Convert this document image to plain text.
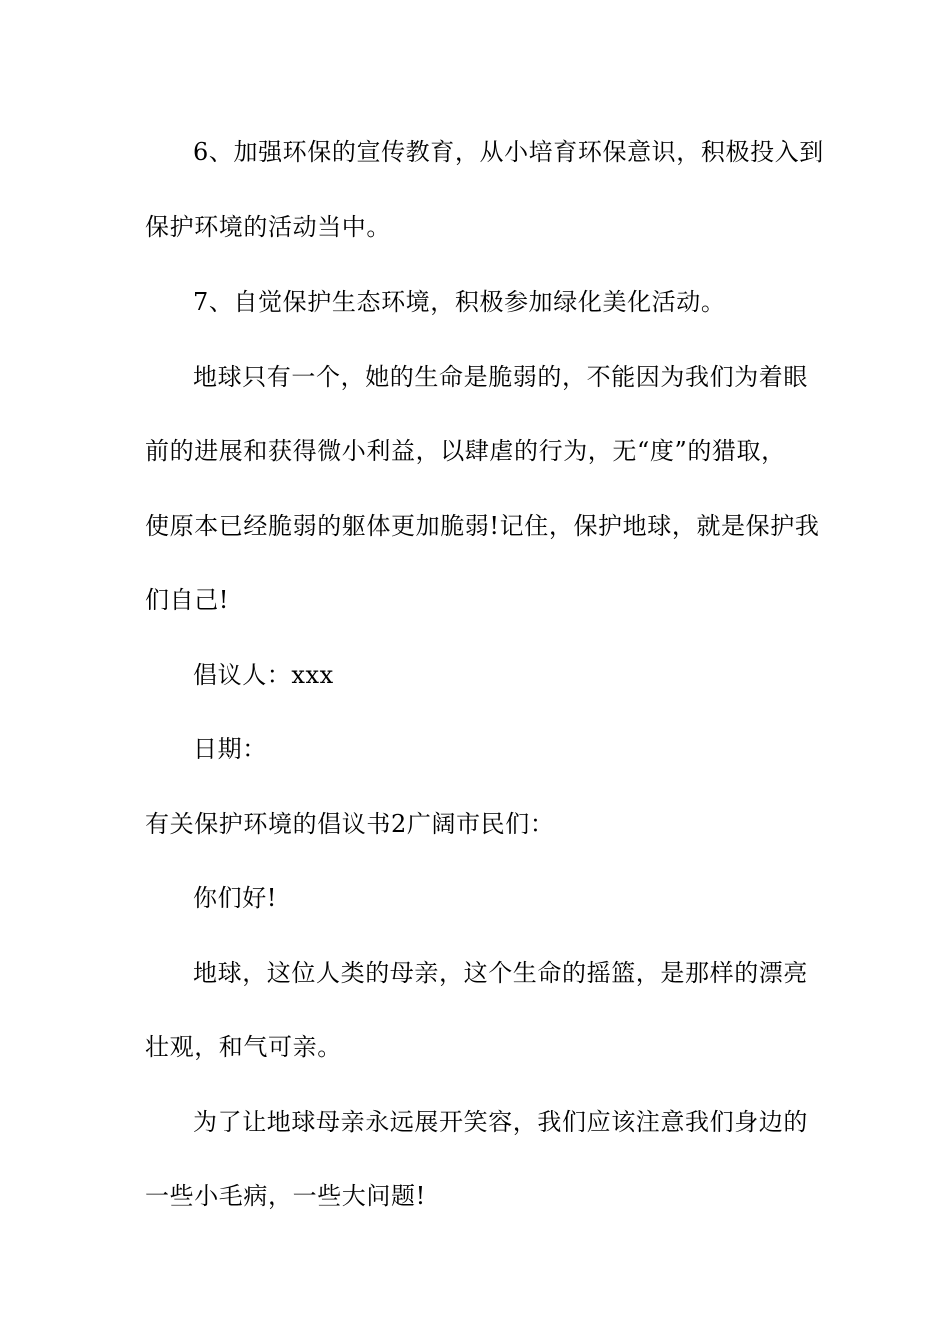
6、加强环保的宣传教育，从小培育环保意识，积极投入到

保护环境的活动当中。

7、自觉保护生态环境，积极参加绿化美化活动。

地球只有一个，她的生命是脆弱的，不能因为我们为着眼

前的进展和获得微小利益，以肆虐的行为，无“度”的猎取，

使原本已经脆弱的躯体更加脆弱!记住，保护地球，就是保护我

们自己!

倡议人：xxx

日期：

有关保护环境的倡议书2广阔市民们：

你们好!

地球，这位人类的母亲，这个生命的摇篮，是那样的漂亮

壮观，和气可亲。

为了让地球母亲永远展开笑容，我们应该注意我们身边的

一些小毛病，一些大问题!
